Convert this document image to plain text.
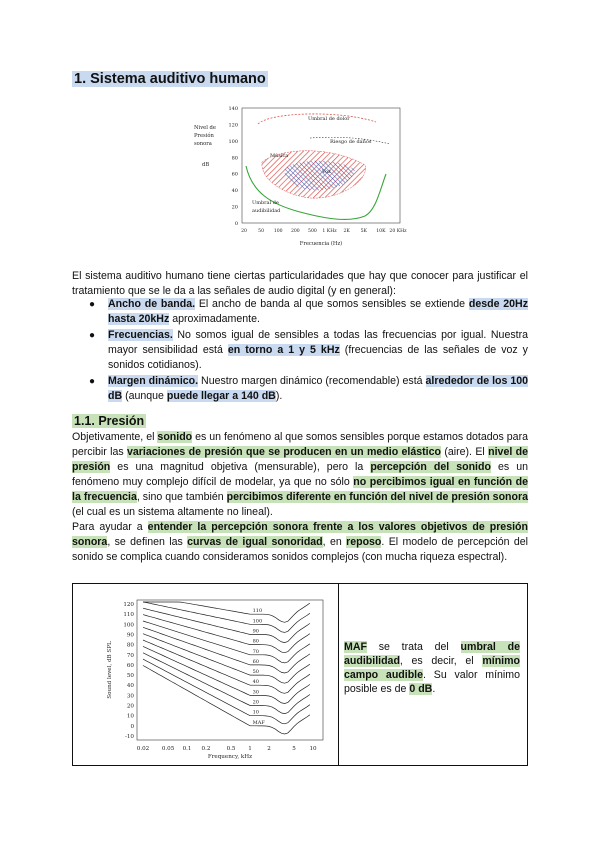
1. Sistema auditivo humano
Nivel de
Presión
sonora
dB
140
120
100
80
60
40
20
0
20 50 100 200 500 1 KHz 2K 5K 10K 20 KHz
Umbral de dolor
Riesgo de daños
Música
Voz
Umbral de
audibilidad
Frecuencia (Hz)
El sistema auditivo humano tiene ciertas particularidades que hay que conocer para justificar el tratamiento que se le da a las señales de audio digital (y en general):
● Ancho de banda. El ancho de banda al que somos sensibles se extiende desde 20Hz hasta 20kHz aproximadamente.
● Frecuencias. No somos igual de sensibles a todas las frecuencias por igual. Nuestra mayor sensibilidad está en torno a 1 y 5 kHz (frecuencias de las señales de voz y sonidos cotidianos).
● Margen dinámico. Nuestro margen dinámico (recomendable) está alrededor de los 100 dB (aunque puede llegar a 140 dB).
1.1. Presión

Objetivamente, el sonido es un fenómeno al que somos sensibles porque estamos dotados para percibir las variaciones de presión que se producen en un medio elástico (aire). El nivel de presión es una magnitud objetiva (mensurable), pero la percepción del sonido es un fenómeno muy complejo difícil de modelar, ya que no sólo no percibimos igual en función de la frecuencia, sino que también percibimos diferente en función del nivel de presión sonora (el cual es un sistema altamente no lineal).

Para ayudar a entender la percepción sonora frente a los valores objetivos de presión sonora, se definen las curvas de igual sonoridad, en reposo. El modelo de percepción del sonido se complica cuando consideramos sonidos complejos (con mucha riqueza espectral).

120
110
100
90
80
70
60
50
40
30
20
10
0
-10
0.02 0.05 0.1 0.2	0.5 1	2	5 10
110
100
90
80
70
60
50
40
30
20
10
MAF
Sound level, dB SPL
Frequency, kHz
MAF se trata del umbral de audibilidad, es decir, el mínimo campo audible. Su valor mínimo posible es de 0 dB.
